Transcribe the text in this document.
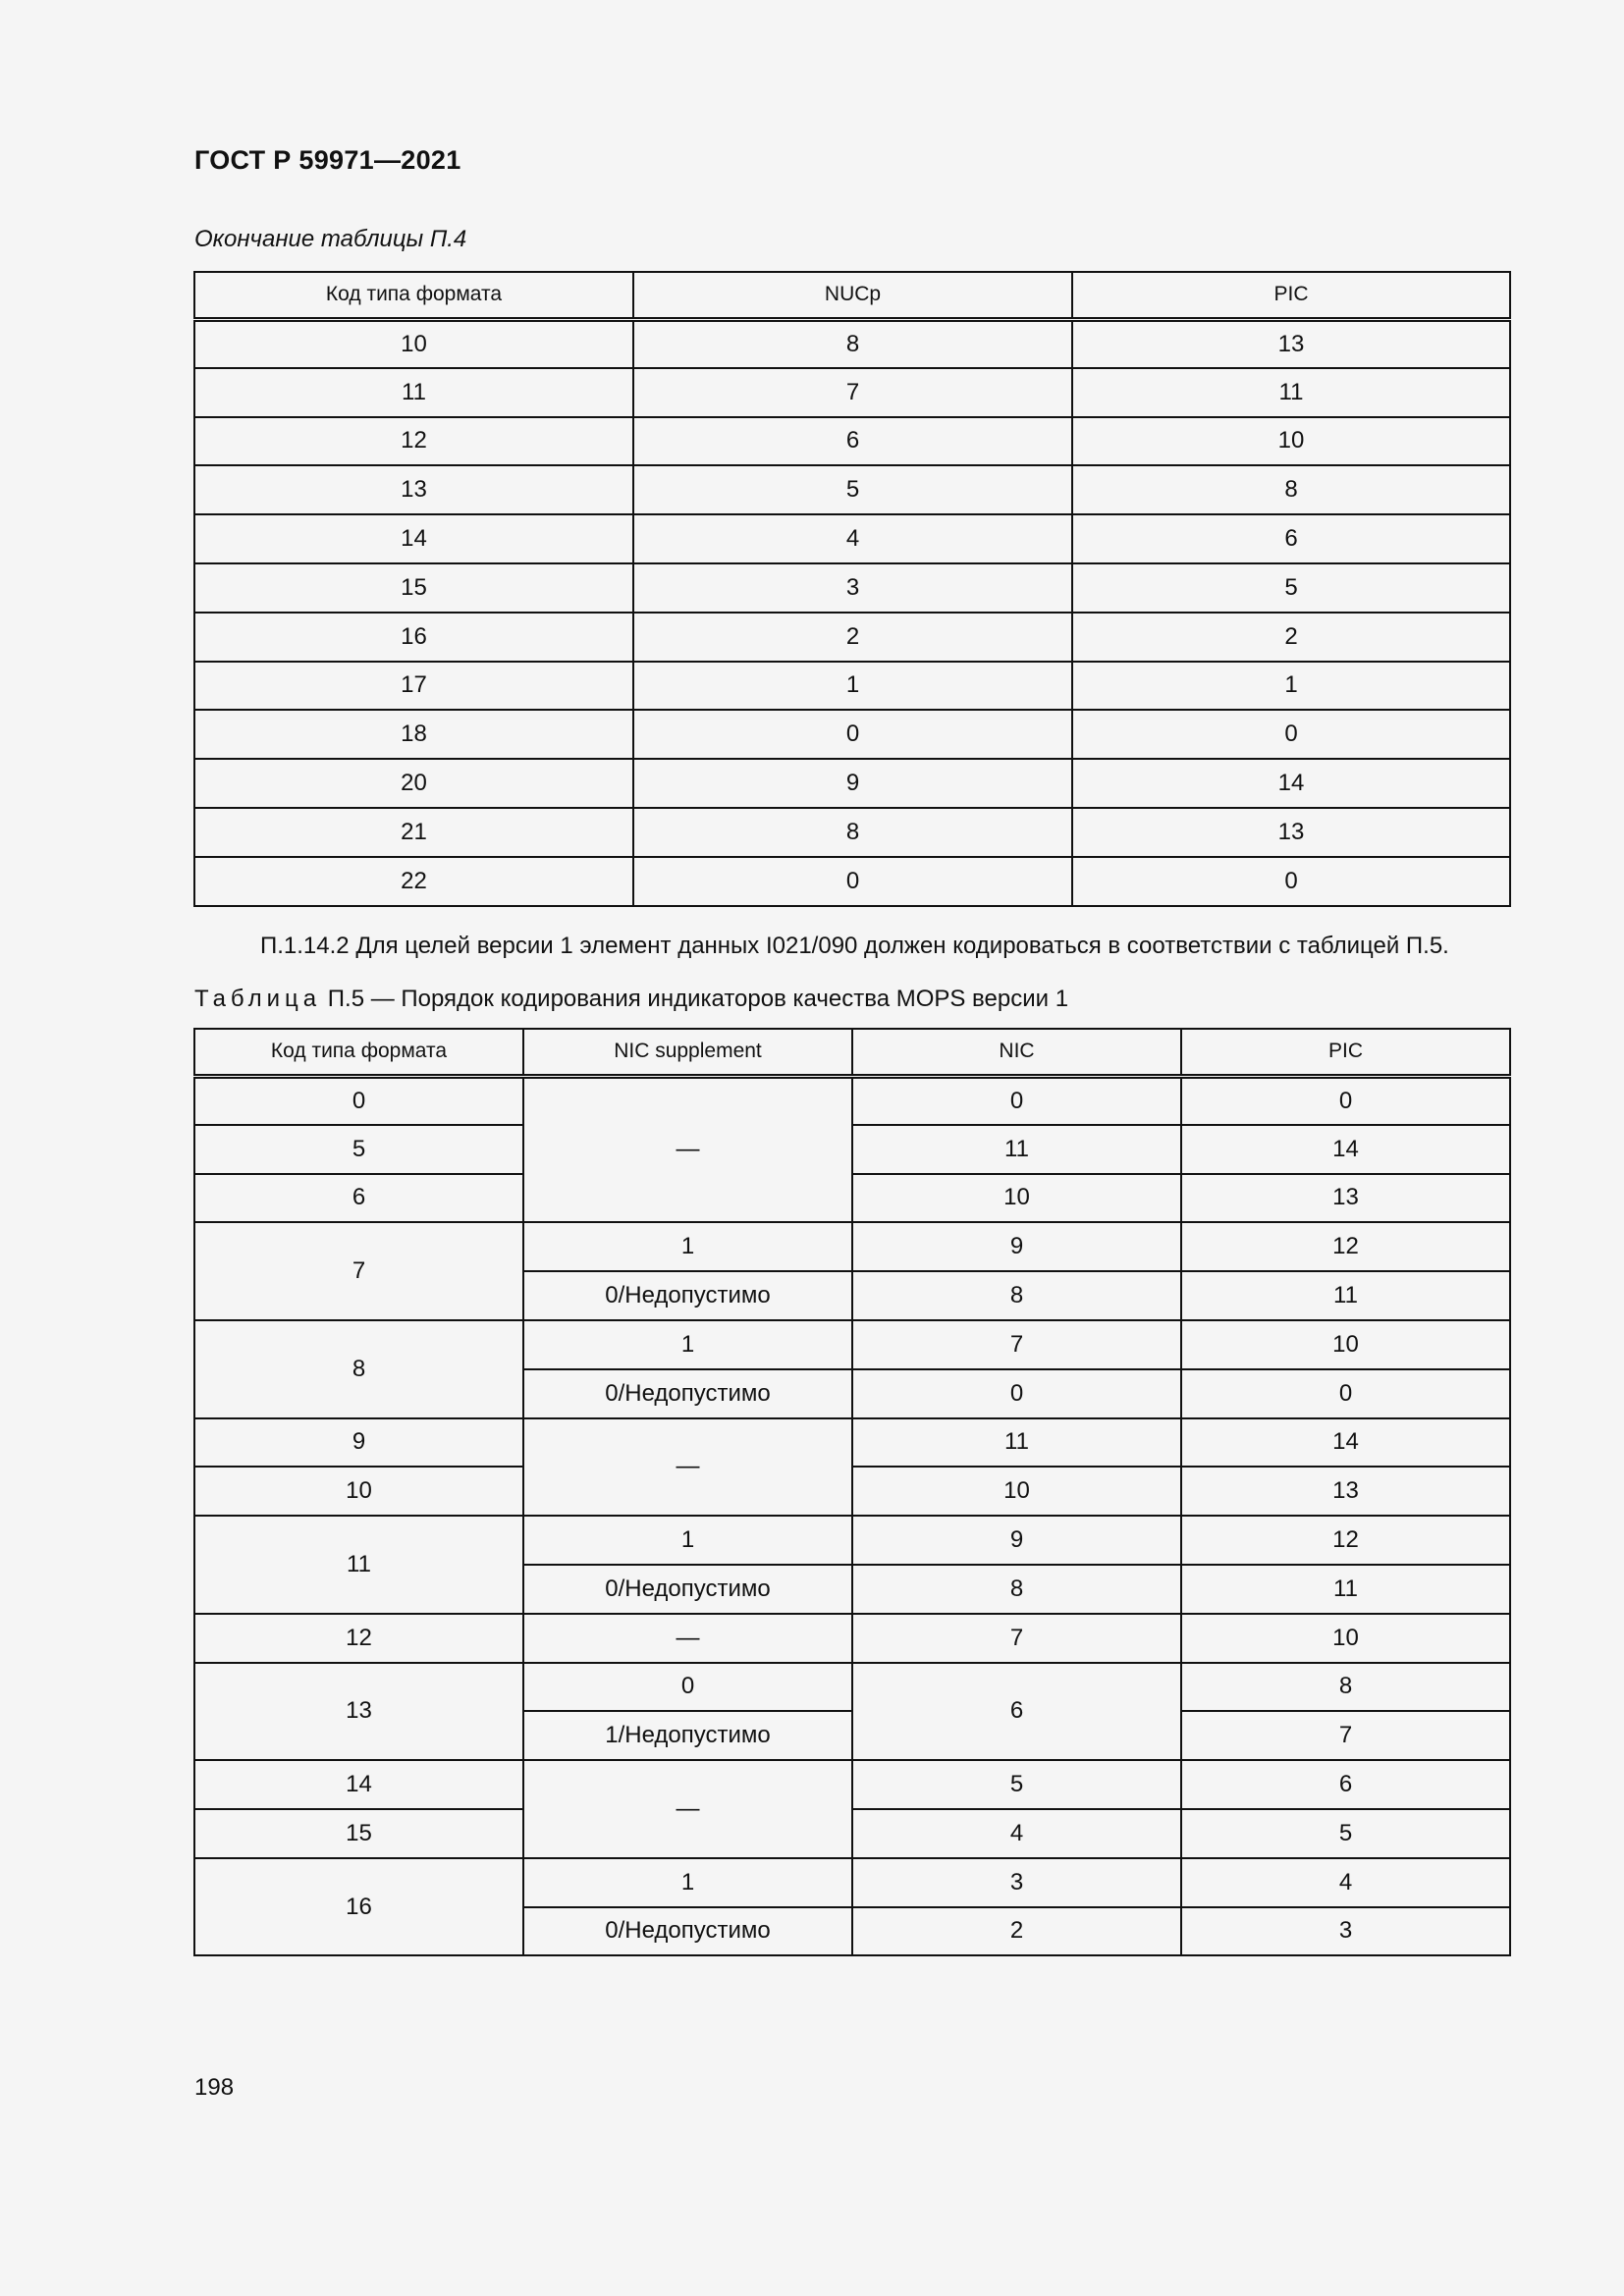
ГОСТ Р 59971—2021
Окончание таблицы П.4
Код типа формата	NUCp	PIC
10	8	13
11	7	11
12	6	10
13	5	8
14	4	6
15	3	5
16	2	2
17	1	1
18	0	0
20	9	14
21	8	13
22	0	0
П.1.14.2 Для целей версии 1 элемент данных I021/090 должен кодироваться в соответствии с таблицей П.5.
Таблица П.5 — Порядок кодирования индикаторов качества MOPS версии 1
Код типа формата	NIC supplement	NIC	PIC
0	—	0	0
5		11	14
6		10	13
7	1	9	12
	0/Недопустимо	8	11
8	1	7	10
	0/Недопустимо	0	0
9	—	11	14
10		10	13
11	1	9	12
	0/Недопустимо	8	11
12	—	7	10
13	0	6	8
	1/Недопустимо		7
14	—	5	6
15		4	5
16	1	3	4
	0/Недопустимо	2	3
198
